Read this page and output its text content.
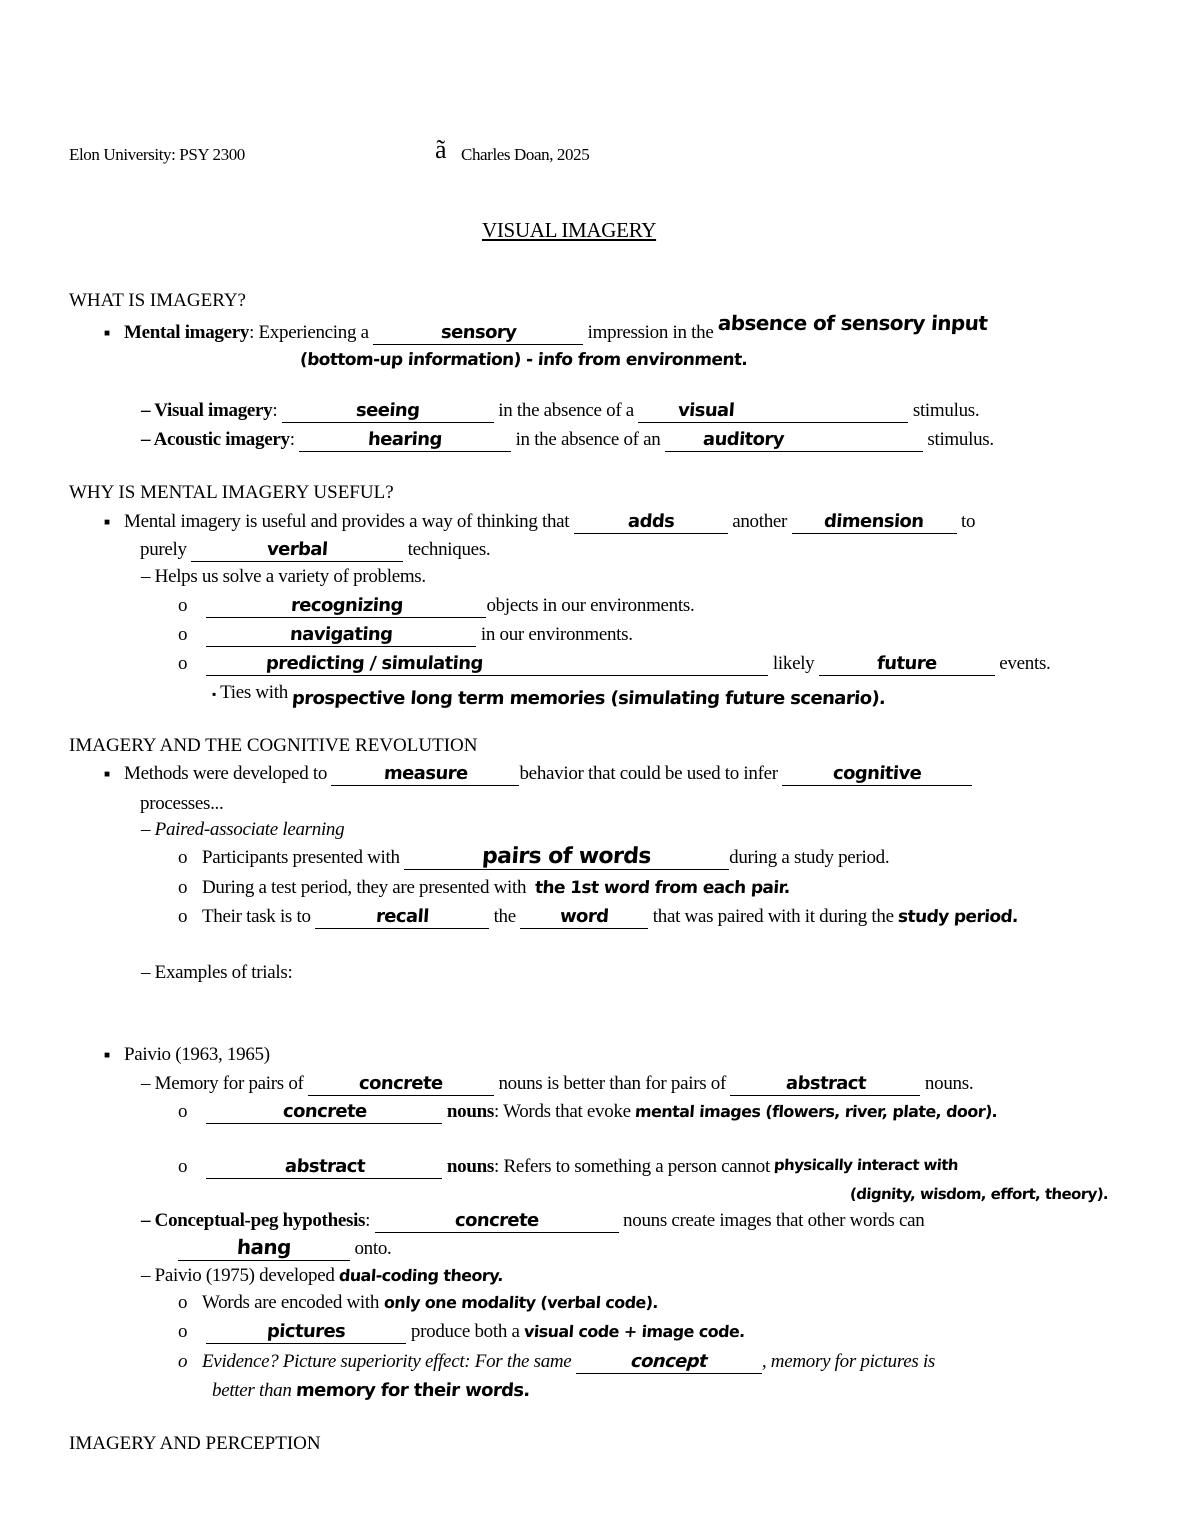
Elon University: PSY 2300	ã Charles Doan, 2025
VISUAL IMAGERY
WHAT IS IMAGERY?
■ Mental imagery: Experiencing a	sensory	impression in the absence of sensory input
(bottom-up information) - info from environment.
– Visual imagery:	seeing	in the absence of a visual	stimulus.
– Acoustic imagery:	hearing	in the absence of an auditory	stimulus.
WHY IS MENTAL IMAGERY USEFUL?
■ Mental imagery is useful and provides a way of thinking that	adds	another dimension to
purely	verbal	techniques.
– Helps us solve a variety of problems.
o	recognizing	objects in our environments.
o	navigating	in our environments.
o	predicting / simulating	likely	future	events.
▪ Ties with prospective long term memories (simulating future scenario).
IMAGERY AND THE COGNITIVE REVOLUTION
■ Methods were developed to	measure	behavior that could be used to infer	cognitive
processes...
– Paired-associate learning
o Participants presented with	pairs of words	during a study period.
o During a test period, they are presented with the 1st word from each pair.
o Their task is to	recall	the word that was paired with it during the study period.
– Examples of trials:
■ Paivio (1963, 1965)
– Memory for pairs of	concrete	nouns is better than for pairs of	abstract	nouns.
o	concrete	nouns: Words that evoke mental images (flowers, river, plate, door).
o	abstract	nouns: Refers to something a person cannot physically interact with
(dignity, wisdom, effort, theory).
– Conceptual-peg hypothesis:	concrete	nouns create images that other words can
hang	onto.
– Paivio (1975) developed dual-coding theory.
o Words are encoded with only one modality (verbal code).
o	pictures	produce both a visual code + image code.
o Evidence? Picture superiority effect: For the same	concept	, memory for pictures is
better than memory for their words.
IMAGERY AND PERCEPTION
